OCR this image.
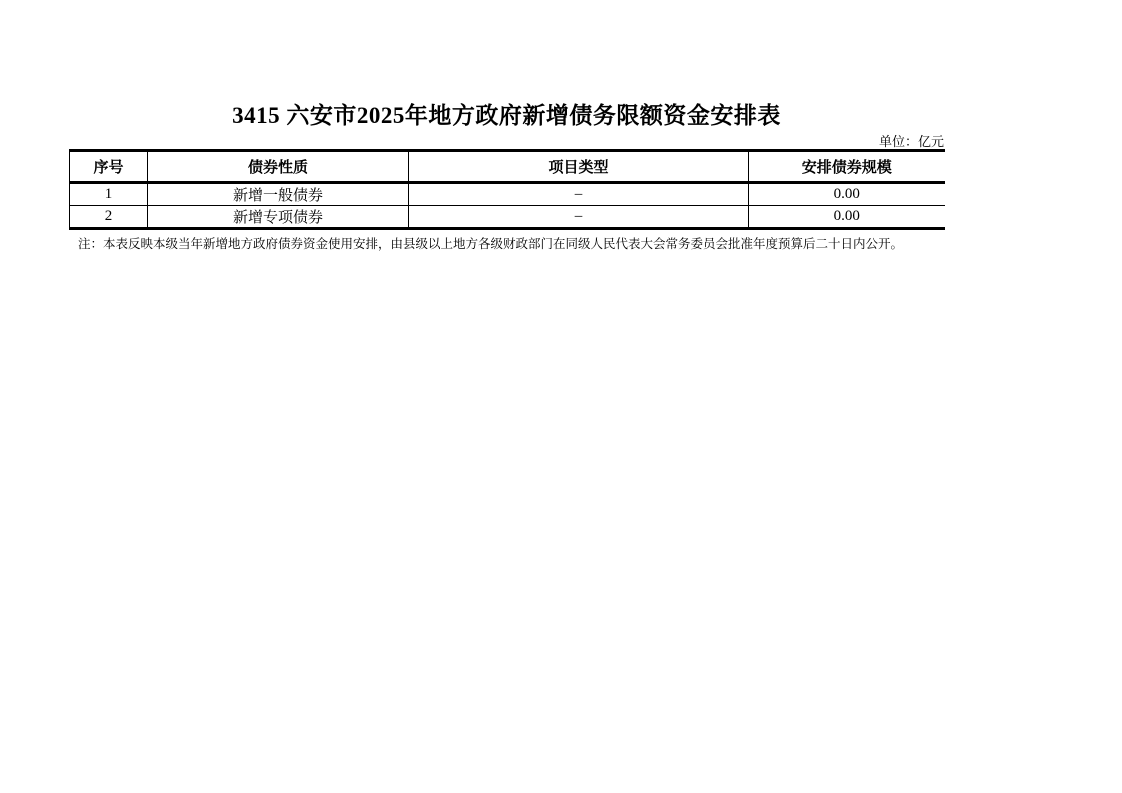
3415 六安市2025年地方政府新增债务限额资金安排表
单位：亿元
序号	债券性质	项目类型	安排债券规模
1	新增一般债券	–	0.00
2	新增专项债券	–	0.00
注：本表反映本级当年新增地方政府债券资金使用安排，由县级以上地方各级财政部门在同级人民代表大会常务委员会批准年度预算后二十日内公开。
